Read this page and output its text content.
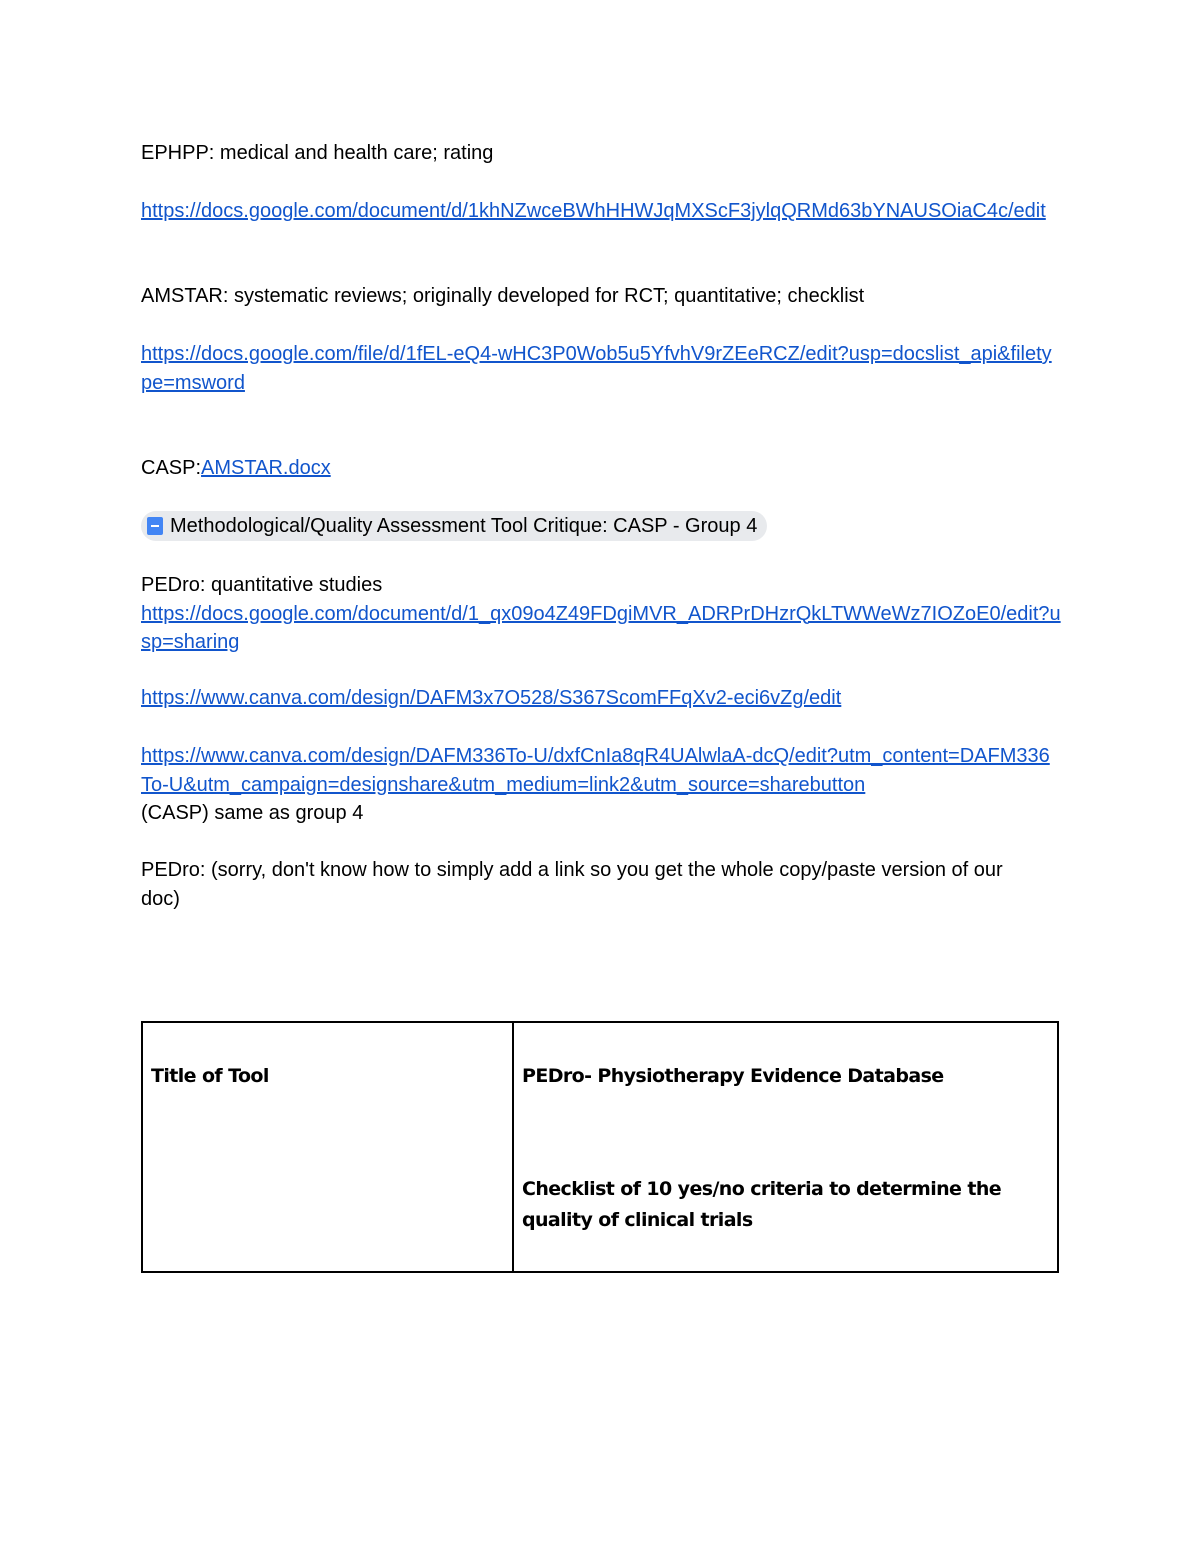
EPHPP: medical and health care; rating

https://docs.google.com/document/d/1khNZwceBWhHHWJqMXScF3jylqQRMd63bYNAUSOiaC4c/edit

AMSTAR: systematic reviews; originally developed for RCT; quantitative; checklist

https://docs.google.com/file/d/1fEL-eQ4-wHC3P0Wob5u5YfvhV9rZEeRCZ/edit?usp=docslist_api&filetype=msword

CASP:AMSTAR.docx

Methodological/Quality Assessment Tool Critique: CASP - Group 4

PEDro: quantitative studies
https://docs.google.com/document/d/1_qx09o4Z49FDgiMVR_ADRPrDHzrQkLTWWeWz7IOZoE0/edit?usp=sharing

https://www.canva.com/design/DAFM3x7O528/S367ScomFFqXv2-eci6vZg/edit

https://www.canva.com/design/DAFM336To-U/dxfCnIa8qR4UAlwlaA-dcQ/edit?utm_content=DAFM336To-U&utm_campaign=designshare&utm_medium=link2&utm_source=sharebutton
(CASP) same as group 4

PEDro: (sorry, don't know how to simply add a link so you get the whole copy/paste version of our doc)

Title of Tool	PEDro- Physiotherapy Evidence Database
Checklist of 10 yes/no criteria to determine the quality of clinical trials
